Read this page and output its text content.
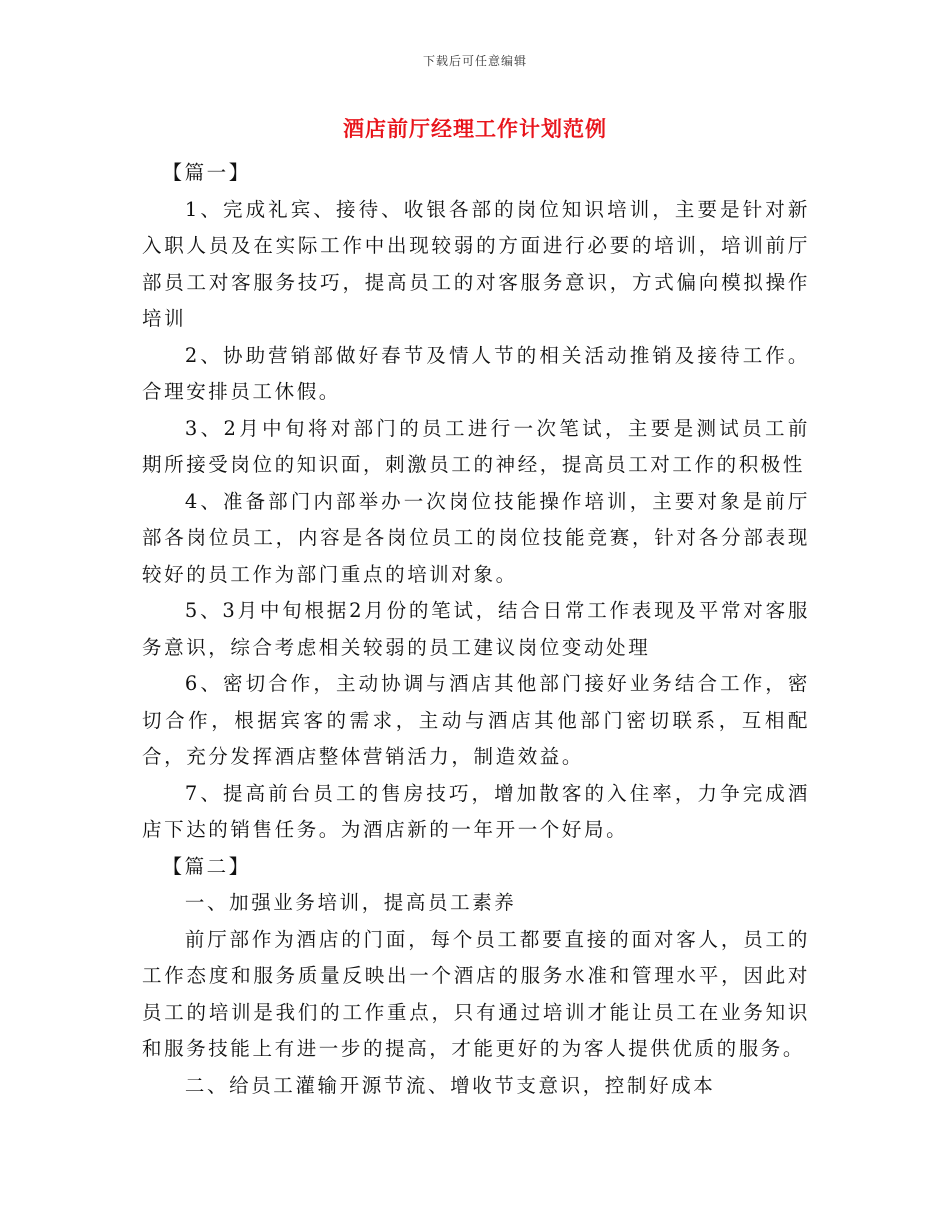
下载后可任意编辑
酒店前厅经理工作计划范例

【篇一】

1、完成礼宾、接待、收银各部的岗位知识培训，主要是针对新入职人员及在实际工作中出现较弱的方面进行必要的培训，培训前厅部员工对客服务技巧，提高员工的对客服务意识，方式偏向模拟操作培训

2、协助营销部做好春节及情人节的相关活动推销及接待工作。合理安排员工休假。

3、2月中旬将对部门的员工进行一次笔试，主要是测试员工前期所接受岗位的知识面，刺激员工的神经，提高员工对工作的积极性

4、准备部门内部举办一次岗位技能操作培训，主要对象是前厅部各岗位员工，内容是各岗位员工的岗位技能竞赛，针对各分部表现较好的员工作为部门重点的培训对象。

5、3月中旬根据2月份的笔试，结合日常工作表现及平常对客服务意识，综合考虑相关较弱的员工建议岗位变动处理

6、密切合作，主动协调与酒店其他部门接好业务结合工作，密切合作，根据宾客的需求，主动与酒店其他部门密切联系，互相配合，充分发挥酒店整体营销活力，制造效益。

7、提高前台员工的售房技巧，增加散客的入住率，力争完成酒店下达的销售任务。为酒店新的一年开一个好局。

【篇二】

一、加强业务培训，提高员工素养

前厅部作为酒店的门面，每个员工都要直接的面对客人，员工的工作态度和服务质量反映出一个酒店的服务水准和管理水平，因此对员工的培训是我们的工作重点，只有通过培训才能让员工在业务知识和服务技能上有进一步的提高，才能更好的为客人提供优质的服务。

二、给员工灌输开源节流、增收节支意识，控制好成本
